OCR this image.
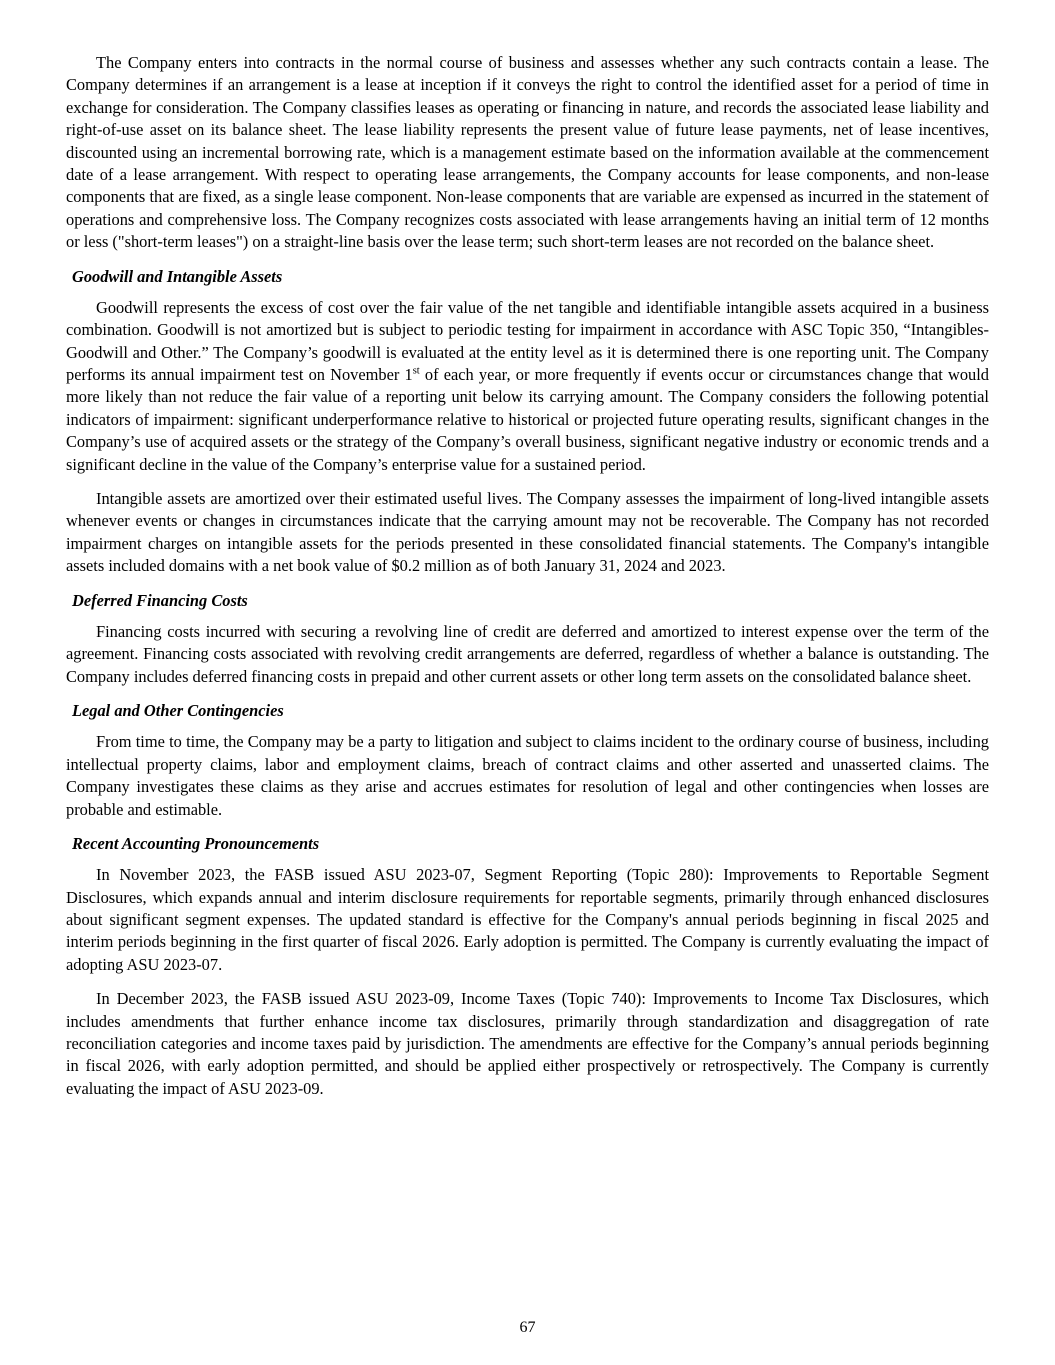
The Company enters into contracts in the normal course of business and assesses whether any such contracts contain a lease. The Company determines if an arrangement is a lease at inception if it conveys the right to control the identified asset for a period of time in exchange for consideration. The Company classifies leases as operating or financing in nature, and records the associated lease liability and right-of-use asset on its balance sheet. The lease liability represents the present value of future lease payments, net of lease incentives, discounted using an incremental borrowing rate, which is a management estimate based on the information available at the commencement date of a lease arrangement. With respect to operating lease arrangements, the Company accounts for lease components, and non-lease components that are fixed, as a single lease component. Non-lease components that are variable are expensed as incurred in the statement of operations and comprehensive loss. The Company recognizes costs associated with lease arrangements having an initial term of 12 months or less ("short-term leases") on a straight-line basis over the lease term; such short-term leases are not recorded on the balance sheet.

Goodwill and Intangible Assets

Goodwill represents the excess of cost over the fair value of the net tangible and identifiable intangible assets acquired in a business combination. Goodwill is not amortized but is subject to periodic testing for impairment in accordance with ASC Topic 350, “Intangibles-Goodwill and Other.” The Company’s goodwill is evaluated at the entity level as it is determined there is one reporting unit. The Company performs its annual impairment test on November 1st of each year, or more frequently if events occur or circumstances change that would more likely than not reduce the fair value of a reporting unit below its carrying amount. The Company considers the following potential indicators of impairment: significant underperformance relative to historical or projected future operating results, significant changes in the Company’s use of acquired assets or the strategy of the Company’s overall business, significant negative industry or economic trends and a significant decline in the value of the Company’s enterprise value for a sustained period.

Intangible assets are amortized over their estimated useful lives. The Company assesses the impairment of long-lived intangible assets whenever events or changes in circumstances indicate that the carrying amount may not be recoverable. The Company has not recorded impairment charges on intangible assets for the periods presented in these consolidated financial statements. The Company's intangible assets included domains with a net book value of $0.2 million as of both January 31, 2024 and 2023.

Deferred Financing Costs

Financing costs incurred with securing a revolving line of credit are deferred and amortized to interest expense over the term of the agreement. Financing costs associated with revolving credit arrangements are deferred, regardless of whether a balance is outstanding. The Company includes deferred financing costs in prepaid and other current assets or other long term assets on the consolidated balance sheet.

Legal and Other Contingencies

From time to time, the Company may be a party to litigation and subject to claims incident to the ordinary course of business, including intellectual property claims, labor and employment claims, breach of contract claims and other asserted and unasserted claims. The Company investigates these claims as they arise and accrues estimates for resolution of legal and other contingencies when losses are probable and estimable.

Recent Accounting Pronouncements

In November 2023, the FASB issued ASU 2023-07, Segment Reporting (Topic 280): Improvements to Reportable Segment Disclosures, which expands annual and interim disclosure requirements for reportable segments, primarily through enhanced disclosures about significant segment expenses. The updated standard is effective for the Company's annual periods beginning in fiscal 2025 and interim periods beginning in the first quarter of fiscal 2026. Early adoption is permitted. The Company is currently evaluating the impact of adopting ASU 2023-07.

In December 2023, the FASB issued ASU 2023-09, Income Taxes (Topic 740): Improvements to Income Tax Disclosures, which includes amendments that further enhance income tax disclosures, primarily through standardization and disaggregation of rate reconciliation categories and income taxes paid by jurisdiction. The amendments are effective for the Company’s annual periods beginning in fiscal 2026, with early adoption permitted, and should be applied either prospectively or retrospectively. The Company is currently evaluating the impact of ASU 2023-09.

67
